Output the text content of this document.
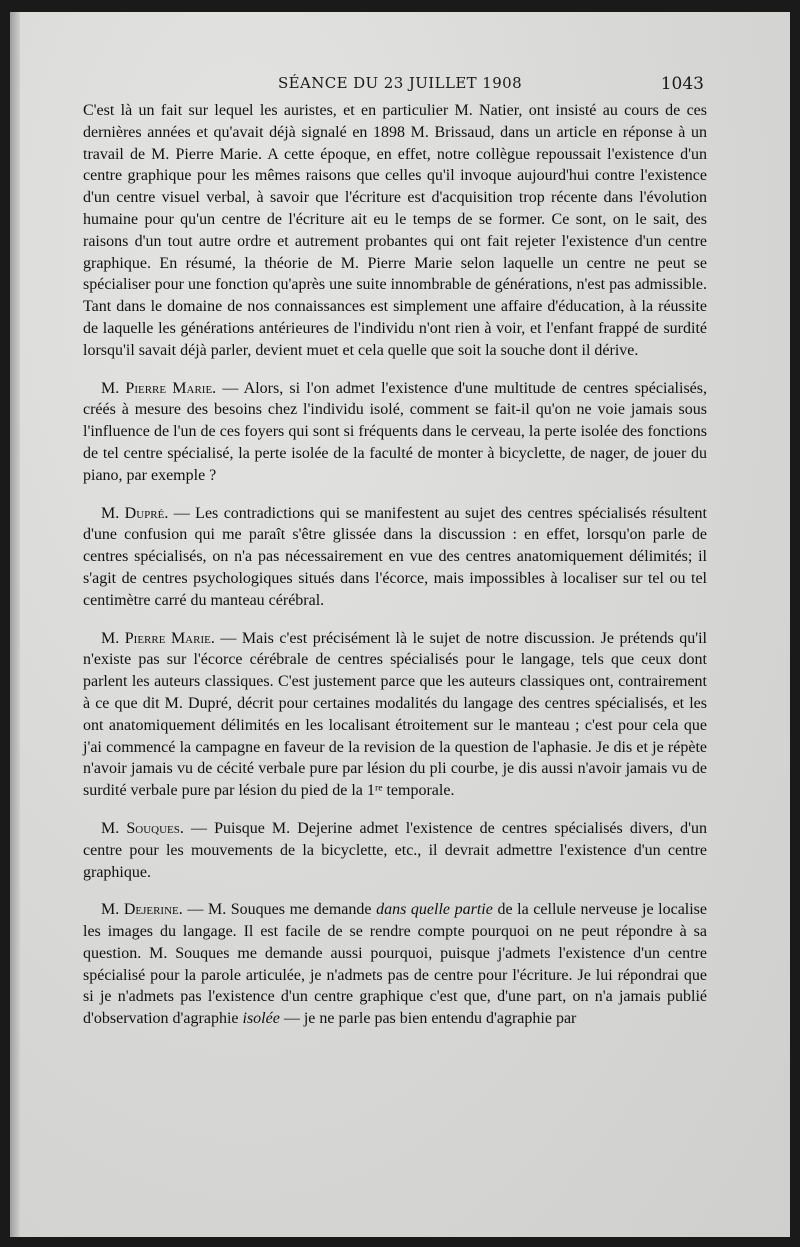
SÉANCE DU 23 JUILLET 1908	1043

C'est là un fait sur lequel les auristes, et en particulier M. Natier, ont insisté au cours de ces dernières années et qu'avait déjà signalé en 1898 M. Brissaud, dans un article en réponse à un travail de M. Pierre Marie. A cette époque, en effet, notre collègue repoussait l'existence d'un centre graphique pour les mêmes raisons que celles qu'il invoque aujourd'hui contre l'existence d'un centre visuel verbal, à savoir que l'écriture est d'acquisition trop récente dans l'évolution humaine pour qu'un centre de l'écriture ait eu le temps de se former. Ce sont, on le sait, des raisons d'un tout autre ordre et autrement probantes qui ont fait rejeter l'existence d'un centre graphique. En résumé, la théorie de M. Pierre Marie selon laquelle un centre ne peut se spécialiser pour une fonction qu'après une suite innombrable de générations, n'est pas admissible. Tant dans le domaine de nos connaissances est simplement une affaire d'éducation, à la réussite de laquelle les générations antérieures de l'individu n'ont rien à voir, et l'enfant frappé de surdité lorsqu'il savait déjà parler, devient muet et cela quelle que soit la souche dont il dérive.

M. Pierre Marie. — Alors, si l'on admet l'existence d'une multitude de centres spécialisés, créés à mesure des besoins chez l'individu isolé, comment se fait-il qu'on ne voie jamais sous l'influence de l'un de ces foyers qui sont si fréquents dans le cerveau, la perte isolée des fonctions de tel centre spécialisé, la perte isolée de la faculté de monter à bicyclette, de nager, de jouer du piano, par exemple ?

M. Dupré. — Les contradictions qui se manifestent au sujet des centres spécialisés résultent d'une confusion qui me paraît s'être glissée dans la discussion : en effet, lorsqu'on parle de centres spécialisés, on n'a pas nécessairement en vue des centres anatomiquement délimités; il s'agit de centres psychologiques situés dans l'écorce, mais impossibles à localiser sur tel ou tel centimètre carré du manteau cérébral.

M. Pierre Marie. — Mais c'est précisément là le sujet de notre discussion. Je prétends qu'il n'existe pas sur l'écorce cérébrale de centres spécialisés pour le langage, tels que ceux dont parlent les auteurs classiques. C'est justement parce que les auteurs classiques ont, contrairement à ce que dit M. Dupré, décrit pour certaines modalités du langage des centres spécialisés, et les ont anatomiquement délimités en les localisant étroitement sur le manteau ; c'est pour cela que j'ai commencé la campagne en faveur de la revision de la question de l'aphasie. Je dis et je répète n'avoir jamais vu de cécité verbale pure par lésion du pli courbe, je dis aussi n'avoir jamais vu de surdité verbale pure par lésion du pied de la 1ʳᵉ temporale.

M. Souques. — Puisque M. Dejerine admet l'existence de centres spécialisés divers, d'un centre pour les mouvements de la bicyclette, etc., il devrait admettre l'existence d'un centre graphique.

M. Dejerine. — M. Souques me demande dans quelle partie de la cellule nerveuse je localise les images du langage. Il est facile de se rendre compte pourquoi on ne peut répondre à sa question. M. Souques me demande aussi pourquoi, puisque j'admets l'existence d'un centre spécialisé pour la parole articulée, je n'admets pas de centre pour l'écriture. Je lui répondrai que si je n'admets pas l'existence d'un centre graphique c'est que, d'une part, on n'a jamais publié d'observation d'agraphie isolée — je ne parle pas bien entendu d'agraphie par
